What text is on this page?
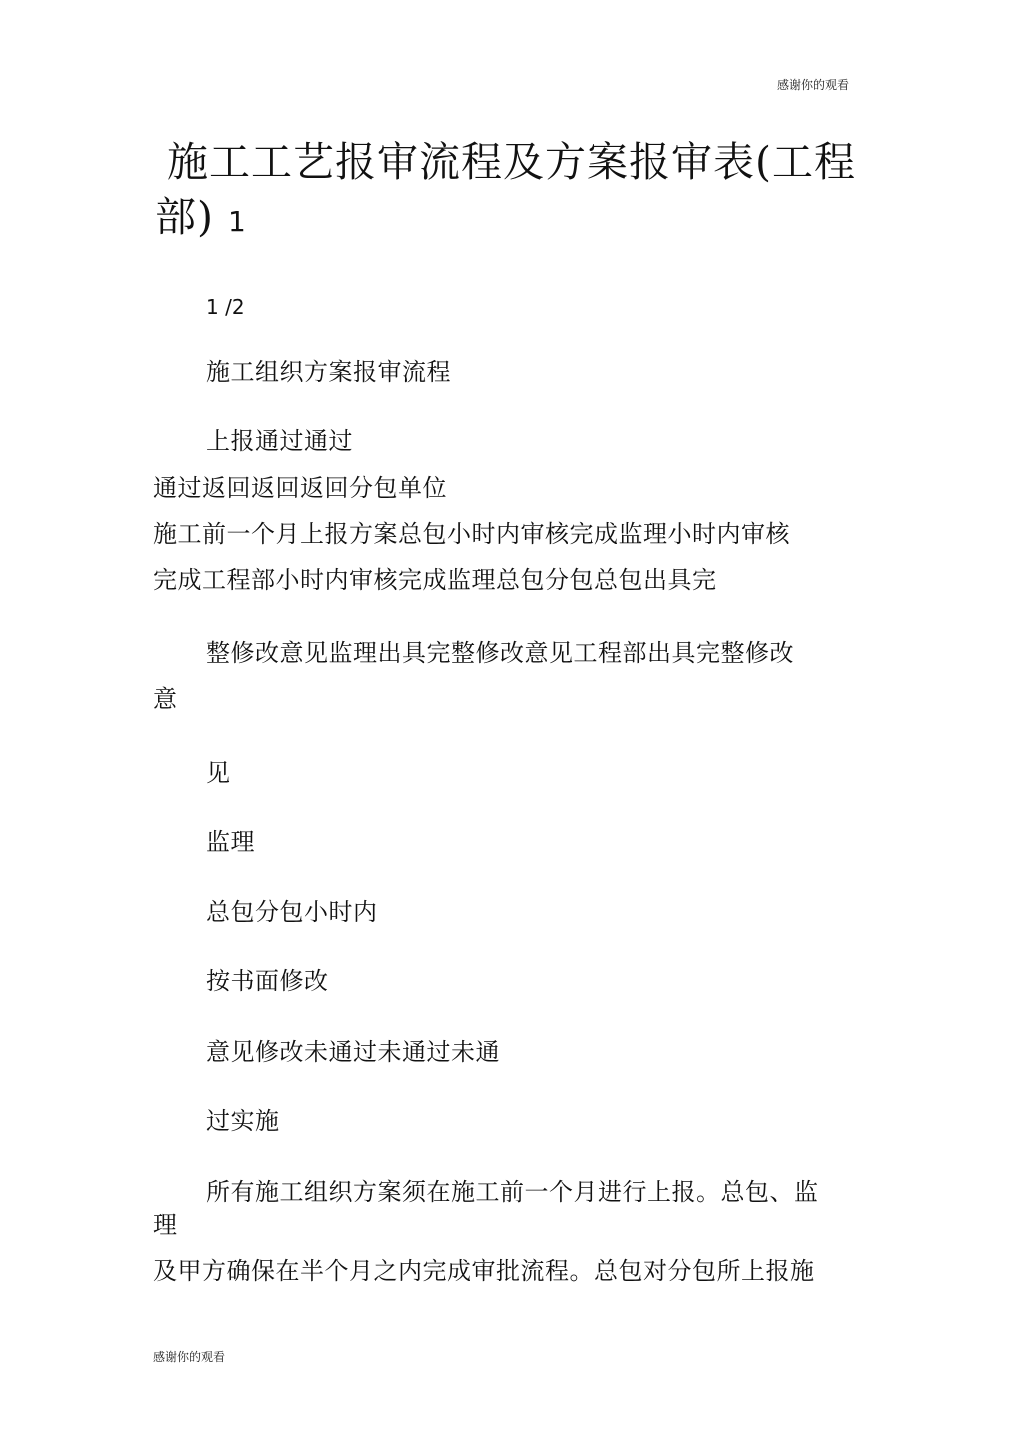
感谢你的观看
施工工艺报审流程及方案报审表(工程
部) 1
1 /2
施工组织方案报审流程
上报通过通过
通过返回返回返回分包单位
施工前一个月上报方案总包小时内审核完成监理小时内审核
完成工程部小时内审核完成监理总包分包总包出具完
整修改意见监理出具完整修改意见工程部出具完整修改
意
见
监理
总包分包小时内
按书面修改
意见修改未通过未通过未通
过实施
所有施工组织方案须在施工前一个月进行上报。总包、监
理
及甲方确保在半个月之内完成审批流程。总包对分包所上报施
感谢你的观看
